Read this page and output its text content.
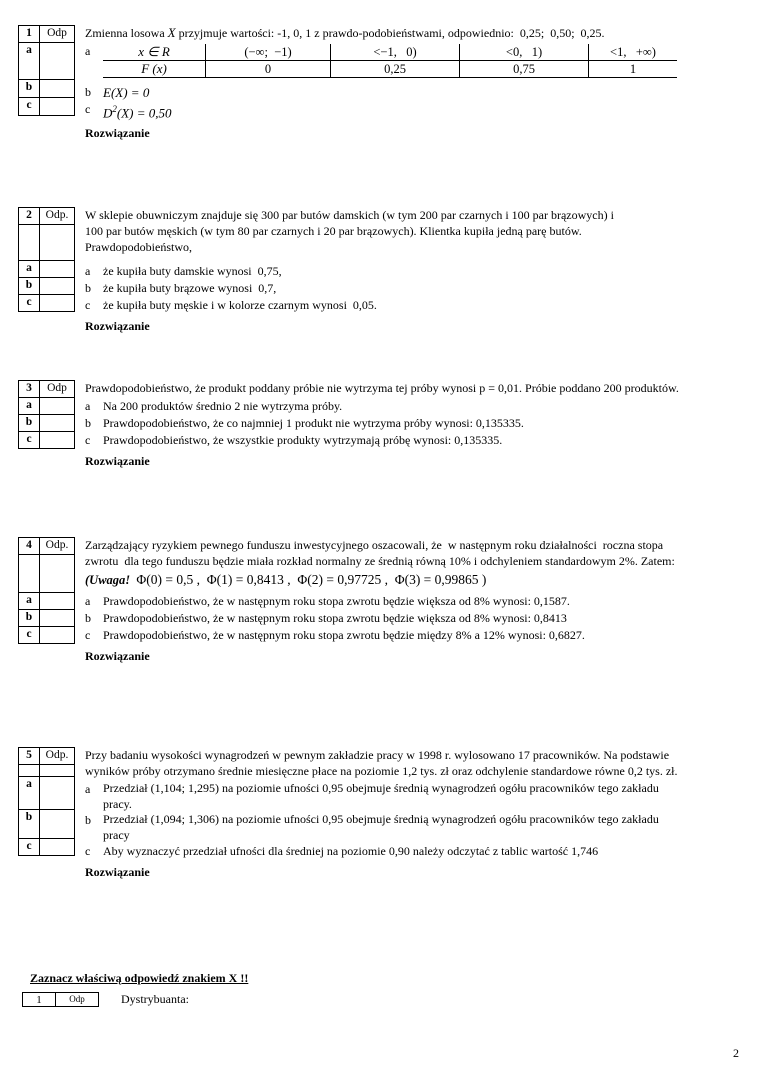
1	Odp
a	
b	
c	
Zmienna losowa X przyjmuje wartości: -1, 0, 1 z prawdo-podobieństwami, odpowiednio:  0,25;  0,50;  0,25.
a	x ∈ R	(−∞;  −1)	<−1,   0)	<0,   1)	<1,   +∞)
F (x)	0	0,25	0,75	1
b E(X) = 0
c $D^2(X) = 0,50$
Rozwiązanie
2	Odp.

a	
b	
c	
W sklepie obuwniczym znajduje się 300 par butów damskich (w tym 200 par czarnych i 100 par brązowych) i
100 par butów męskich (w tym 80 par czarnych i 20 par brązowych). Klientka kupiła jedną parę butów.
Prawdopodobieństwo,
a	że kupiła buty damskie wynosi  0,75,
b	że kupiła buty brązowe wynosi  0,7,
c	że kupiła buty męskie i w kolorze czarnym wynosi  0,05.
Rozwiązanie
3	Odp
a	
b	
c	
Prawdopodobieństwo, że produkt poddany próbie nie wytrzyma tej próby wynosi p = 0,01. Próbie poddano 200 produktów.
a	Na 200 produktów średnio 2 nie wytrzyma próby.
b	Prawdopodobieństwo, że co najmniej 1 produkt nie wytrzyma próby wynosi: 0,135335.
c	Prawdopodobieństwo, że wszystkie produkty wytrzymają próbę wynosi: 0,135335.
Rozwiązanie
4	Odp.

a	
b	
c	
Zarządzający ryzykiem pewnego funduszu inwestycyjnego oszacowali, że  w następnym roku działalności  roczna stopa
zwrotu  dla tego funduszu będzie miała rozkład normalny ze średnią równą 10% i odchyleniem standardowym 2%. Zatem:
(Uwaga!  Φ(0) = 0,5 ,  Φ(1) = 0,8413 ,  Φ(2) = 0,97725 ,  Φ(3) = 0,99865 )
a	Prawdopodobieństwo, że w następnym roku stopa zwrotu będzie większa od 8% wynosi: 0,1587.
b	Prawdopodobieństwo, że w następnym roku stopa zwrotu będzie większa od 8% wynosi: 0,8413
c	Prawdopodobieństwo, że w następnym roku stopa zwrotu będzie między 8% a 12% wynosi: 0,6827.
Rozwiązanie
5	Odp.

a	
b	
c	
Przy badaniu wysokości wynagrodzeń w pewnym zakładzie pracy w 1998 r. wylosowano 17 pracowników. Na podstawie
wyników próby otrzymano średnie miesięczne płace na poziomie 1,2 tys. zł oraz odchylenie standardowe równe 0,2 tys. zł.
a	Przedział (1,104; 1,295) na poziomie ufności 0,95 obejmuje średnią wynagrodzeń ogółu pracowników tego zakładu
pracy.
b	Przedział (1,094; 1,306) na poziomie ufności 0,95 obejmuje średnią wynagrodzeń ogółu pracowników tego zakładu
pracy
c	Aby wyznaczyć przedział ufności dla średniej na poziomie 0,90 należy odczytać z tablic wartość 1,746
Rozwiązanie
Zaznacz właściwą odpowiedź znakiem X !!
1	Odp	Dystrybuanta:
2
